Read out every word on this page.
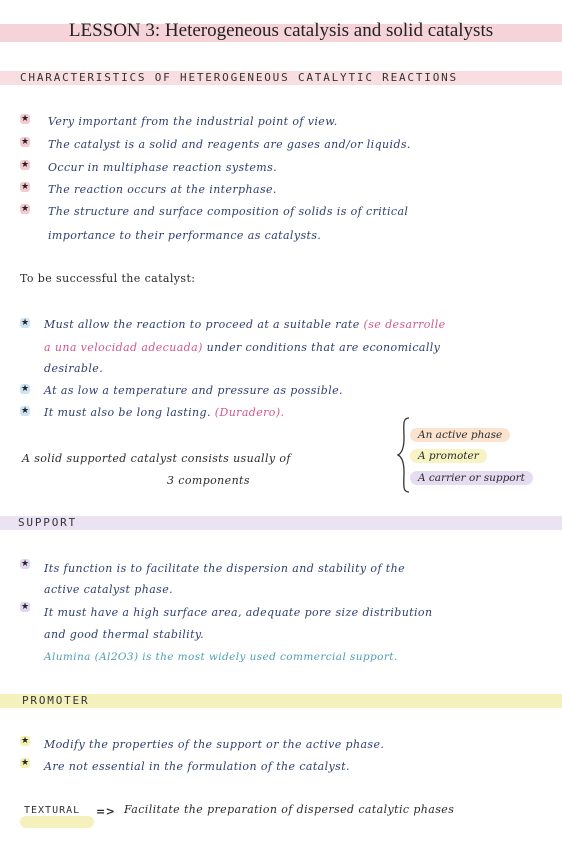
LESSON 3: Heterogeneous catalysis and solid catalysts
CHARACTERISTICS OF HETEROGENEOUS CATALYTIC REACTIONS
★ Very important from the industrial point of view.
★ The catalyst is a solid and reagents are gases and/or liquids.
★ Occur in multiphase reaction systems.
★ The reaction occurs at the interphase.
★ The structure and surface composition of solids is of critical
importance to their performance as catalysts.
To be successful the catalyst:
★ Must allow the reaction to proceed at a suitable rate (se desarrolle
a una velocidad adecuada) under conditions that are economically
desirable.
★ At as low a temperature and pressure as possible.
★ It must also be long lasting. (Duradero).
A solid supported catalyst consists usually of
3 components
An active phase
A promoter
A carrier or support
SUPPORT
★ Its function is to facilitate the dispersion and stability of the
active catalyst phase.
★ It must have a high surface area, adequate pore size distribution
and good thermal stability.
Alumina (Al2O3) is the most widely used commercial support.
PROMOTER
★ Modify the properties of the support or the active phase.
★ Are not essential in the formulation of the catalyst.
TEXTURAL => Facilitate the preparation of dispersed catalytic phases
